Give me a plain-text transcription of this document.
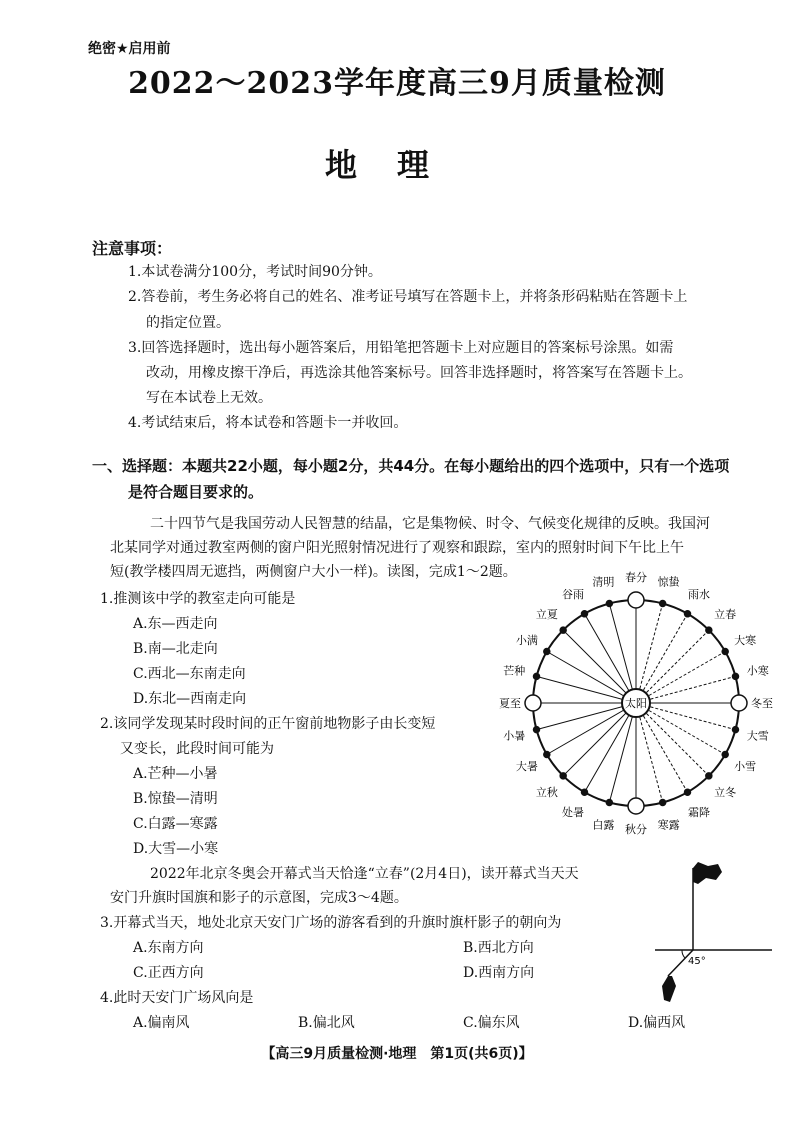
绝密★启用前
2022～2023学年度高三9月质量检测
地理
注意事项：
1.本试卷满分100分，考试时间90分钟。
2.答卷前，考生务必将自己的姓名、准考证号填写在答题卡上，并将条形码粘贴在答题卡上
的指定位置。
3.回答选择题时，选出每小题答案后，用铅笔把答题卡上对应题目的答案标号涂黑。如需
改动，用橡皮擦干净后，再选涂其他答案标号。回答非选择题时，将答案写在答题卡上。
写在本试卷上无效。
4.考试结束后，将本试卷和答题卡一并收回。
一、选择题：本题共22小题，每小题2分，共44分。在每小题给出的四个选项中，只有一个选项
是符合题目要求的。
二十四节气是我国劳动人民智慧的结晶，它是集物候、时令、气候变化规律的反映。我国河
北某同学对通过教室两侧的窗户阳光照射情况进行了观察和跟踪，室内的照射时间下午比上午
短(教学楼四周无遮挡，两侧窗户大小一样)。读图，完成1～2题。
1.推测该中学的教室走向可能是
A.东—西走向
B.南—北走向
C.西北—东南走向
D.东北—西南走向
2.该同学发现某时段时间的正午窗前地物影子由长变短
又变长，此段时间可能为
A.芒种—小暑
B.惊蛰—清明
C.白露—寒露
D.大雪—小寒
2022年北京冬奥会开幕式当天恰逢“立春”(2月4日)，读开幕式当天天
安门升旗时国旗和影子的示意图，完成3～4题。
3.开幕式当天，地处北京天安门广场的游客看到的升旗时旗杆影子的朝向为
A.东南方向	B.西北方向
C.正西方向	D.西南方向
4.此时天安门广场风向是
A.偏南风	B.偏北风	C.偏东风	D.偏西风
春分 惊蛰
雨水
立春
大寒
小寒
冬至
大雪
小雪
立冬
霜降
寒露
秋分
白露
处暑
立秋
大暑
小暑
夏至
芒种
小满
立夏
谷雨
清明
太阳
45°
【高三9月质量检测·地理　第1页(共6页)】
